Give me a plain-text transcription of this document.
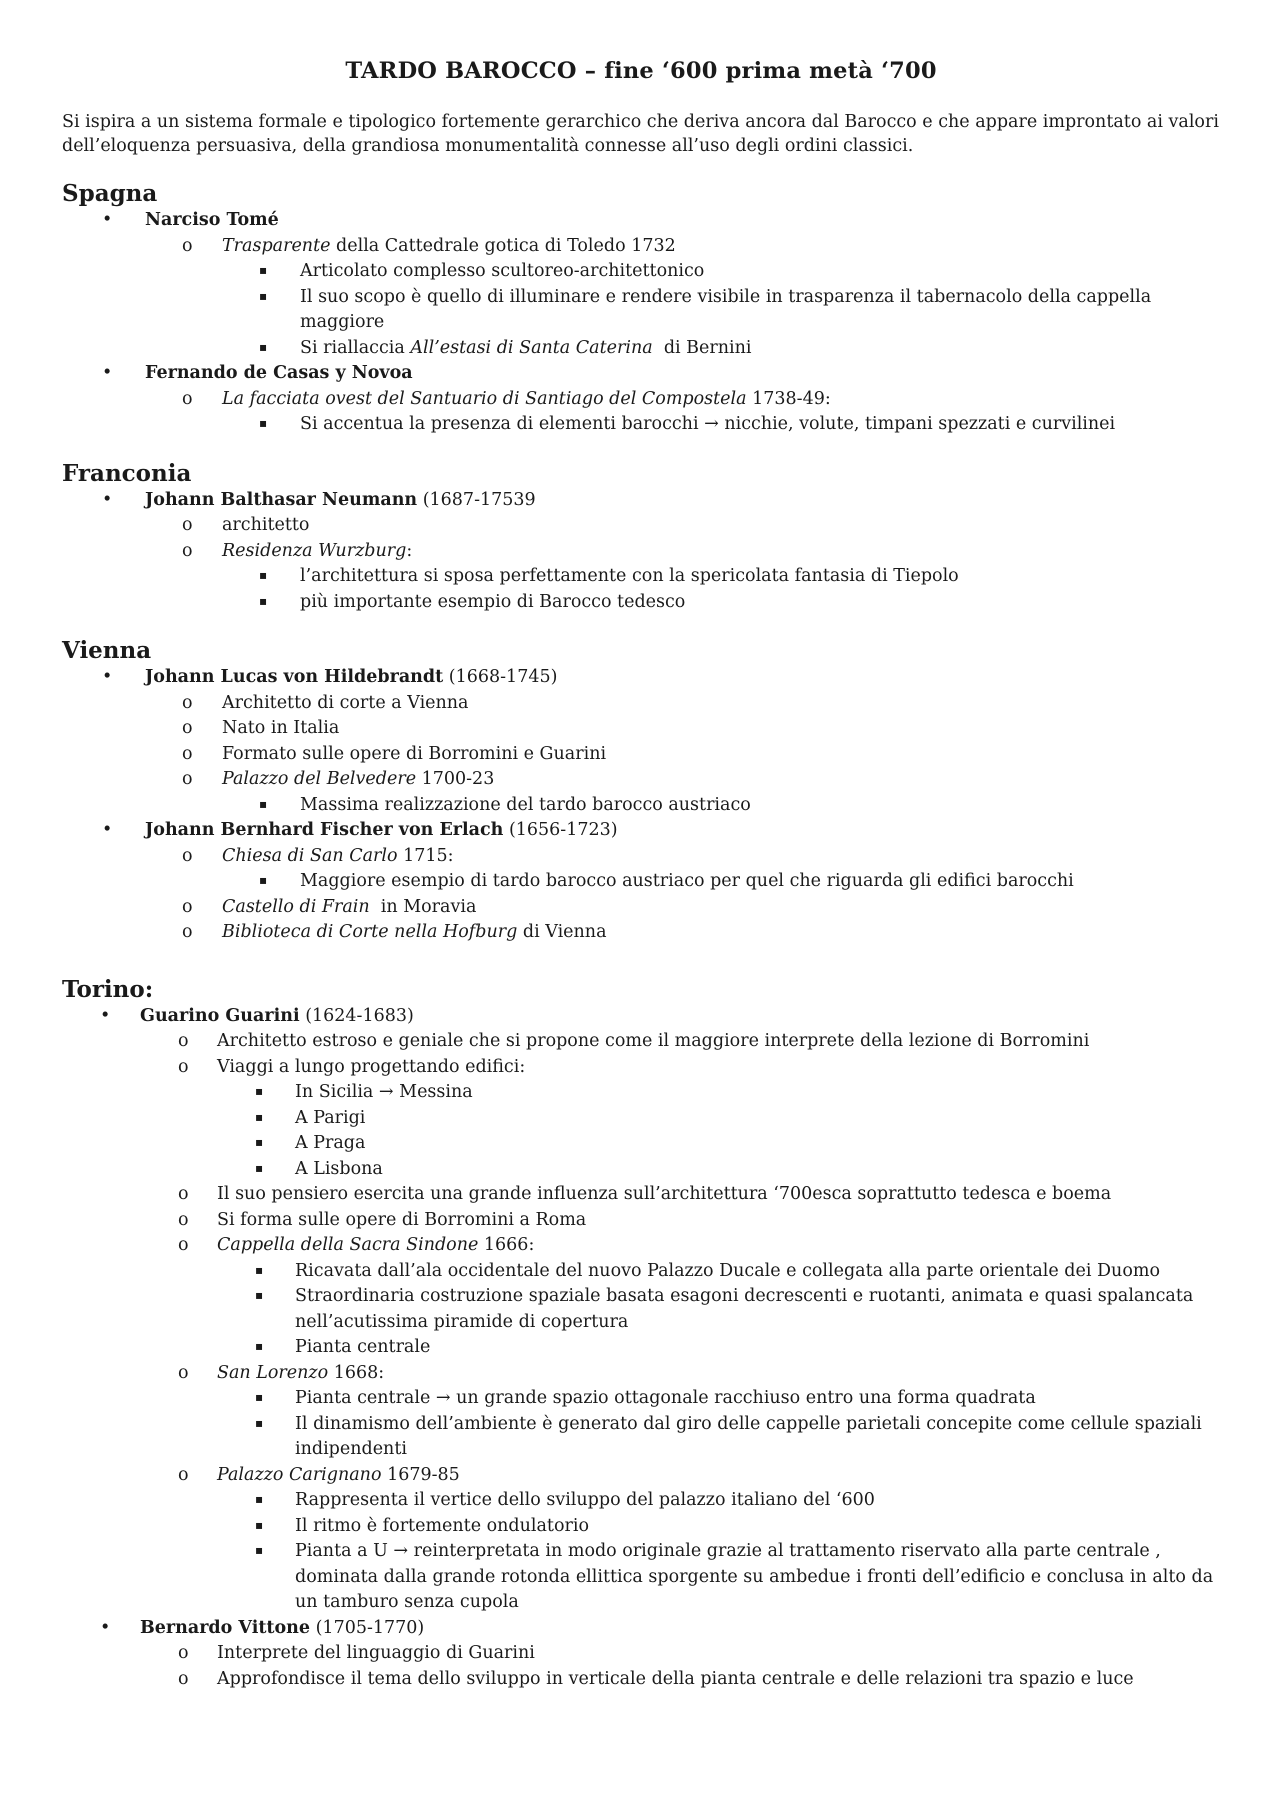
TARDO BAROCCO – fine ‘600 prima metà ‘700

Si ispira a un sistema formale e tipologico fortemente gerarchico che deriva ancora dal Barocco e che appare improntato ai valori dell’eloquenza persuasiva, della grandiosa monumentalità connesse all’uso degli ordini classici.

Spagna
• Narciso Tomé
o Trasparente della Cattedrale gotica di Toledo 1732
▪ Articolato complesso scultoreo-architettonico
▪ Il suo scopo è quello di illuminare e rendere visibile in trasparenza il tabernacolo della cappella maggiore
▪ Si riallaccia All’estasi di Santa Caterina  di Bernini
• Fernando de Casas y Novoa
o La facciata ovest del Santuario di Santiago del Compostela 1738-49:
▪ Si accentua la presenza di elementi barocchi → nicchie, volute, timpani spezzati e curvilinei
Franconia
• Johann Balthasar Neumann (1687-17539
o architetto
o Residenza Wurzburg:
▪ l’architettura si sposa perfettamente con la spericolata fantasia di Tiepolo
▪ più importante esempio di Barocco tedesco
Vienna
• Johann Lucas von Hildebrandt (1668-1745)
o Architetto di corte a Vienna
o Nato in Italia
o Formato sulle opere di Borromini e Guarini
o Palazzo del Belvedere 1700-23
▪ Massima realizzazione del tardo barocco austriaco
• Johann Bernhard Fischer von Erlach (1656-1723)
o Chiesa di San Carlo 1715:
▪ Maggiore esempio di tardo barocco austriaco per quel che riguarda gli edifici barocchi
o Castello di Frain  in Moravia
o Biblioteca di Corte nella Hofburg di Vienna
Torino:
• Guarino Guarini (1624-1683)
o Architetto estroso e geniale che si propone come il maggiore interprete della lezione di Borromini
o Viaggi a lungo progettando edifici:
▪ In Sicilia → Messina
▪ A Parigi
▪ A Praga
▪ A Lisbona
o Il suo pensiero esercita una grande influenza sull’architettura ‘700esca soprattutto tedesca e boema
o Si forma sulle opere di Borromini a Roma
o Cappella della Sacra Sindone 1666:
▪ Ricavata dall’ala occidentale del nuovo Palazzo Ducale e collegata alla parte orientale dei Duomo
▪ Straordinaria costruzione spaziale basata esagoni decrescenti e ruotanti, animata e quasi spalancata nell’acutissima piramide di copertura
▪ Pianta centrale
o San Lorenzo 1668:
▪ Pianta centrale → un grande spazio ottagonale racchiuso entro una forma quadrata
▪ Il dinamismo dell’ambiente è generato dal giro delle cappelle parietali concepite come cellule spaziali indipendenti
o Palazzo Carignano 1679-85
▪ Rappresenta il vertice dello sviluppo del palazzo italiano del ‘600
▪ Il ritmo è fortemente ondulatorio
▪ Pianta a U → reinterpretata in modo originale grazie al trattamento riservato alla parte centrale , dominata dalla grande rotonda ellittica sporgente su ambedue i fronti dell’edificio e conclusa in alto da un tamburo senza cupola
• Bernardo Vittone (1705-1770)
o Interprete del linguaggio di Guarini
o Approfondisce il tema dello sviluppo in verticale della pianta centrale e delle relazioni tra spazio e luce
